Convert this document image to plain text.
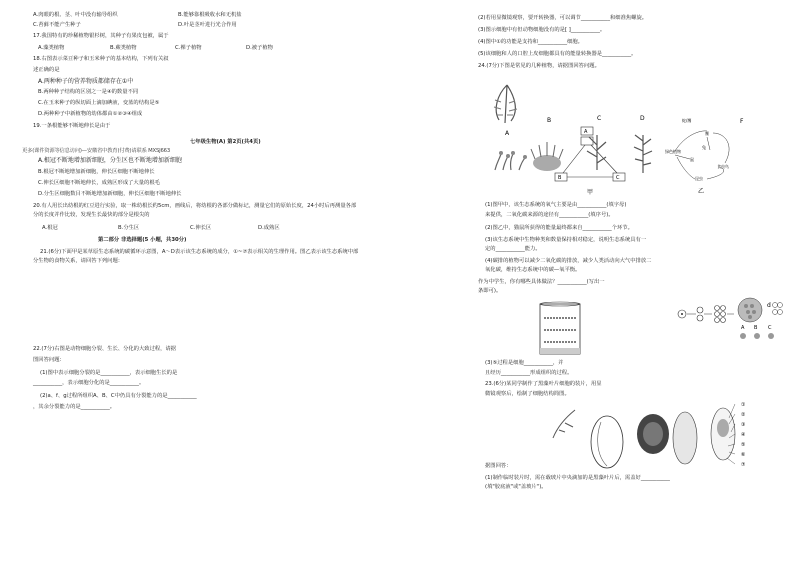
A.肉眼的根、茎、叶中没有输导组织	B.能够靠根吸收水和无机盐
C.苔藓不能产生种子	D.叶是茎叶进行光合作用
17.我国特有的珍稀植物银杉树，其种子有果皮包被，属于
A.藻类植物	B.蕨类植物	C.裸子植物	D.被子植物
18.右图表示菜豆种子和玉米种子的基本结构，下列有关叙
述正确的是
A.两种种子的营养物质都储存在①中
B.两种种子结构的区别之一是④的数量不同
C.在玉米种子的纵切面上滴加碘液，变蓝的结构是⑤
D.两种种子中新植物的幼体都由①②③④组成
19.一条根能够不断地伸长是由于
七年级生物(A) 第2页(共4页)
更多(课件资源等信息访问)—安徽省中教育(付费)请联系 MXSJ663
A.根冠不断地增加新细胞，分生区也不断地增加新细胞
B.根冠不断地增加新细胞，伸长区细胞不断地伸长
C.伸长区细胞不断地伸长，成熟区形成了大量的根毛
D.分生区细胞数目不断地增加新细胞，伸长区细胞不断地伸长
20.有人用长出幼根的红豆进行实验，取一株幼根长约5cm，画线后，将幼根的各部分做标记，测量它们的原始长度，24小时后再测量各部
分的长度并作比较，发现生长最快的部分是根尖的
A.根冠	B.分生区	C.伸长区	D.成熟区
第二部分 非选择题(5 小题，共30分)
21.(6分)下面甲是某草原生态系统的碳循环示意图，A～D表示该生态系统的成分，①~⑦表示相关的生理作用。图乙表示该生态系统中部
分生物的食物关系，请回答下列问题：
22.(7分)右图是动物细胞分裂、生长、分化的大致过程，请据
图回答问题：
(1)图中表示细胞分裂的是___________，表示细胞生长的是
___________，表示细胞分化的是___________。
(2)a、f、g过程所组织A、B、C中仍具有分裂能力的是___________
，其余分裂能力的是___________。
(2)若用显微镜观察，要开转换器，可以调节___________和细准焦螺旋。
(3)图示细胞中有但动物细胞没有的是[ ]___________。
(4)图中①的功能是支持和___________细胞。
(5)该细胞和人的口腔上皮细胞都具有的能量转换器是___________。
24.(7分)下图是常见的几种植物，请据图回答问题。
A
B	C
A
B	C
甲
D	F
蛇/鹰
鹰
兔
鼠
绿色植物
食虫鸟
昆虫
乙
(1)图甲中，该生态系统的氧气主要是由___________(填字母)
来提供，二氧化碳来源的途径有___________(填序号)。
(2)图乙中，猫鼠所获得的能量最终都来自___________个环节。
(3)该生态系统中生物种类和数量保持相对稳定，说明生态系统具有一
定的___________能力。
(4)碳排的植物可以减少二氧化碳的排放，减少人类活动向大气中排放二
氧化碳，维持生态系统中的碳—氧平衡。
作为中学生，你有哪些具体做法？___________(写出一
条即可)。
d
A B C
(3)⑤过程是细胞___________，并
且经历___________形成组织的过程。
23.(6分)某同学制作了黑藻叶片细胞的装片，用显
微镜观察后，绘制了细胞结构简图。
①
②
③
④
⑤
⑥
⑦
据图回答：
(1)制作临时装片时，需在载玻片中央滴加的是黑藻叶片后，需盖好___________
(填"胶底液"或"盖玻片")。
